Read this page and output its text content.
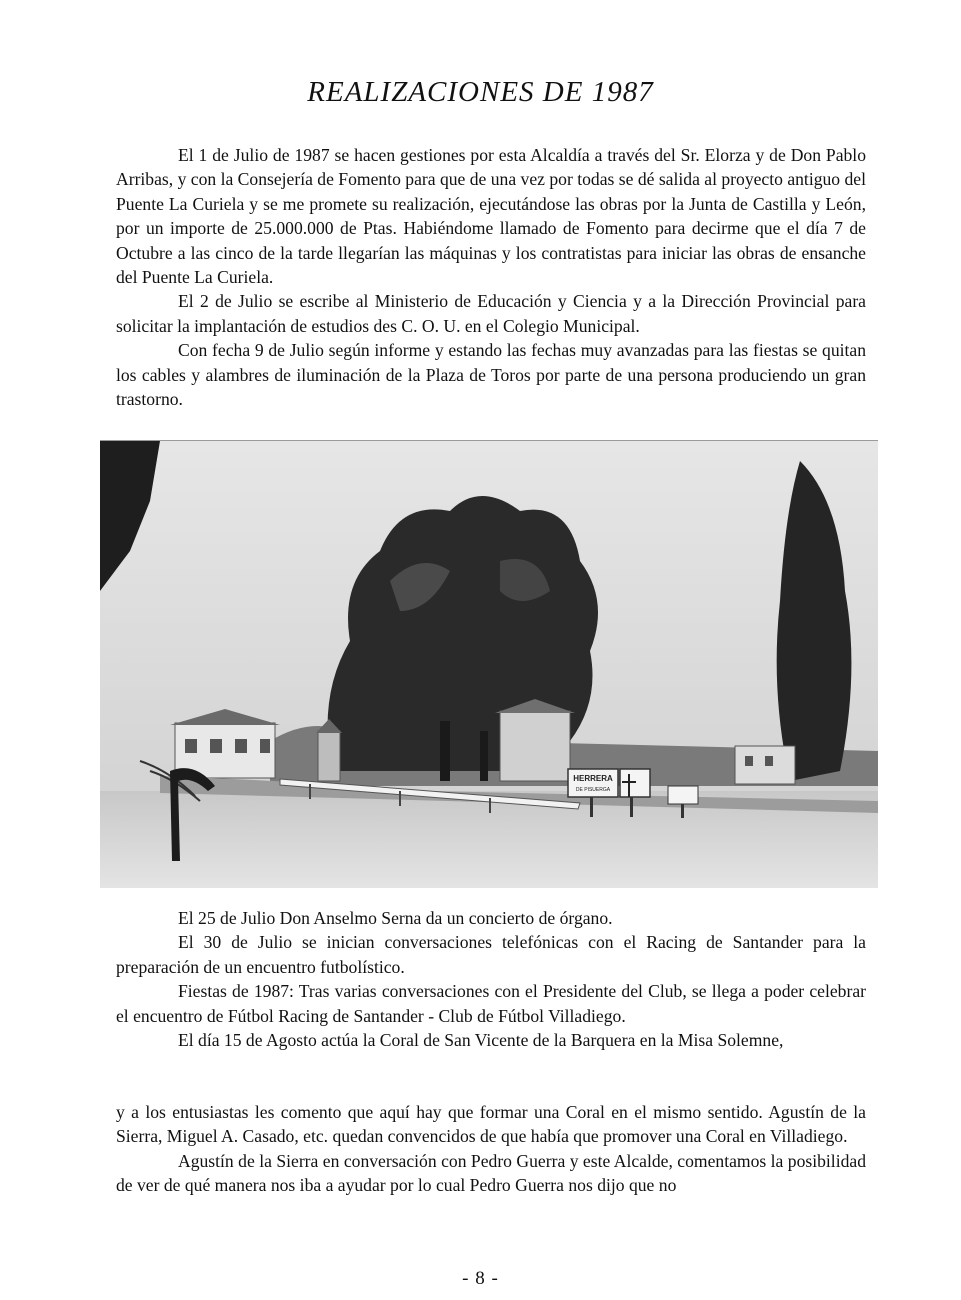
REALIZACIONES DE 1987

El 1 de Julio de 1987 se hacen gestiones por esta Alcaldía a través del Sr. Elorza y de Don Pablo Arribas, y con la Consejería de Fomento para que de una vez por todas se dé salida al proyecto antiguo del Puente La Curiela y se me promete su realización, ejecutándose las obras por la Junta de Castilla y León, por un importe de 25.000.000 de Ptas. Habiéndome llamado de Fomento para decirme que el día 7 de Octubre a las cinco de la tarde llegarían las máquinas y los contratistas para iniciar las obras de ensanche del Puente La Curiela.

El 2 de Julio se escribe al Ministerio de Educación y Ciencia y a la Dirección Provincial para solicitar la implantación de estudios des C. O. U. en el Colegio Municipal.

Con fecha 9 de Julio según informe y estando las fechas muy avanzadas para las fiestas se quitan los cables y alambres de iluminación de la Plaza de Toros por parte de una persona produciendo un gran trastorno.

HERRERA
DE PISUERGA

El 25 de Julio Don Anselmo Serna da un concierto de órgano.

El 30 de Julio se inician conversaciones telefónicas con el Racing de Santander para la preparación de un encuentro futbolístico.

Fiestas de 1987: Tras varias conversaciones con el Presidente del Club, se llega a poder celebrar el encuentro de Fútbol Racing de Santander - Club de Fútbol Villadiego.

El día 15 de Agosto actúa la Coral de San Vicente de la Barquera en la Misa Solemne,

y a los entusiastas les comento que aquí hay que formar una Coral en el mismo sentido. Agustín de la Sierra, Miguel A. Casado, etc. quedan convencidos de que había que promover una Coral en Villadiego.

Agustín de la Sierra en conversación con Pedro Guerra y este Alcalde, comentamos la posibilidad de ver de qué manera nos iba a ayudar por lo cual Pedro Guerra nos dijo que no

- 8 -
